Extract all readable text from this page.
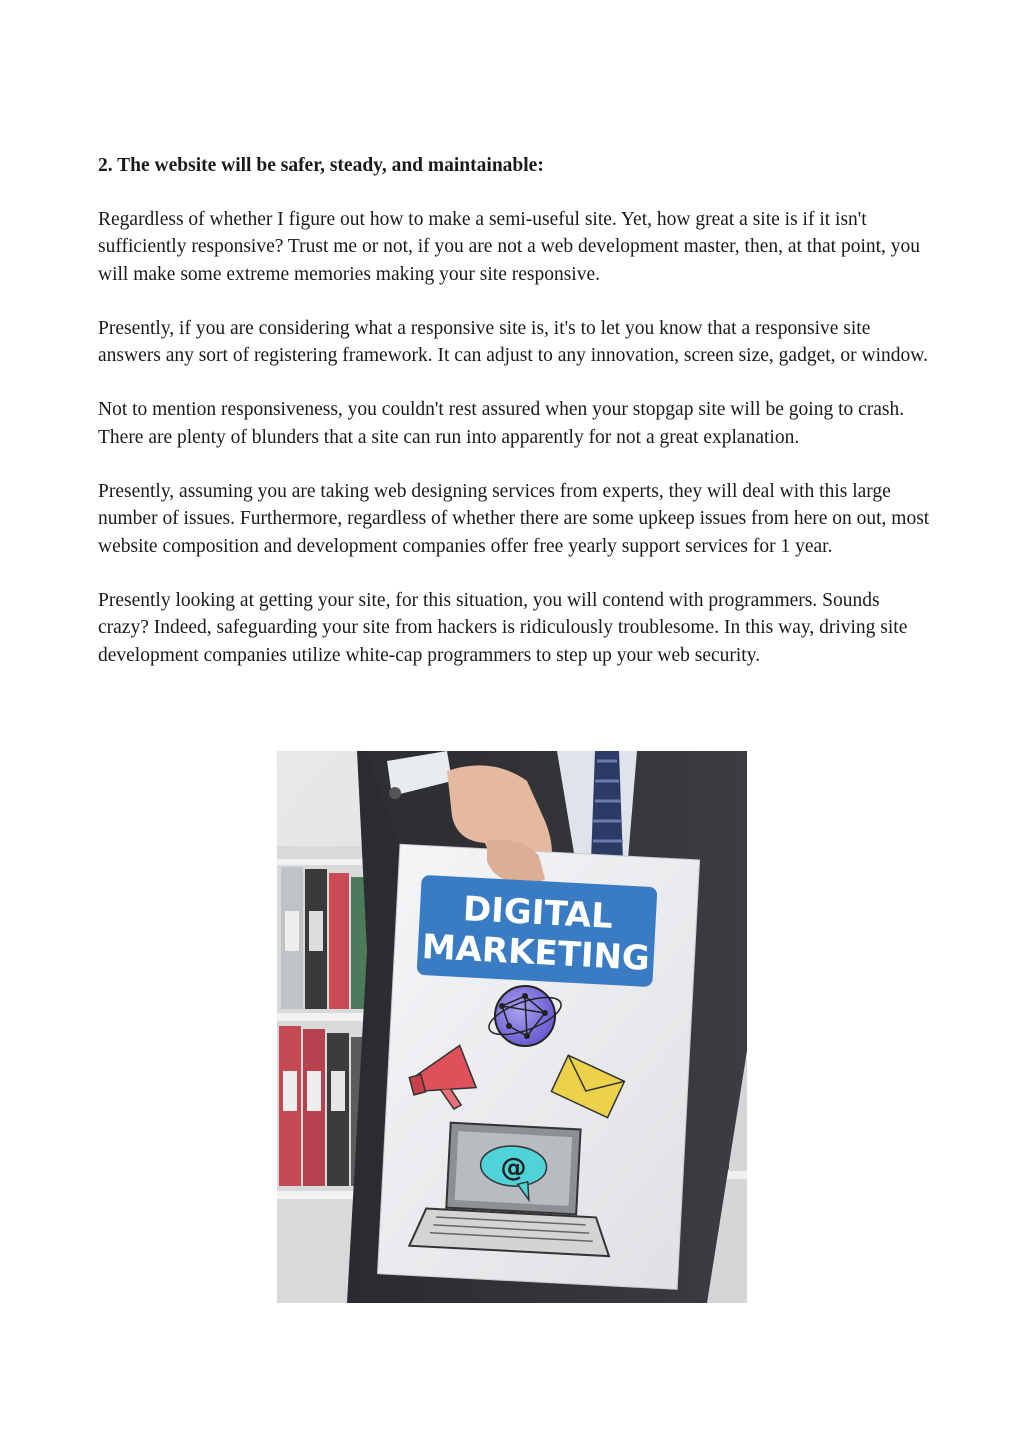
2. The website will be safer, steady, and maintainable:

Regardless of whether I figure out how to make a semi-useful site. Yet, how great a site is if it isn't sufficiently responsive? Trust me or not, if you are not a web development master, then, at that point, you will make some extreme memories making your site responsive.

Presently, if you are considering what a responsive site is, it's to let you know that a responsive site answers any sort of registering framework. It can adjust to any innovation, screen size, gadget, or window.

Not to mention responsiveness, you couldn't rest assured when your stopgap site will be going to crash. There are plenty of blunders that a site can run into apparently for not a great explanation.

Presently, assuming you are taking web designing services from experts, they will deal with this large number of issues. Furthermore, regardless of whether there are some upkeep issues from here on out, most website composition and development companies offer free yearly support services for 1 year.

Presently looking at getting your site, for this situation, you will contend with programmers. Sounds crazy? Indeed, safeguarding your site from hackers is ridiculously troublesome. In this way, driving site development companies utilize white-cap programmers to step up your web security.

DIGITAL
MARKETING
@
